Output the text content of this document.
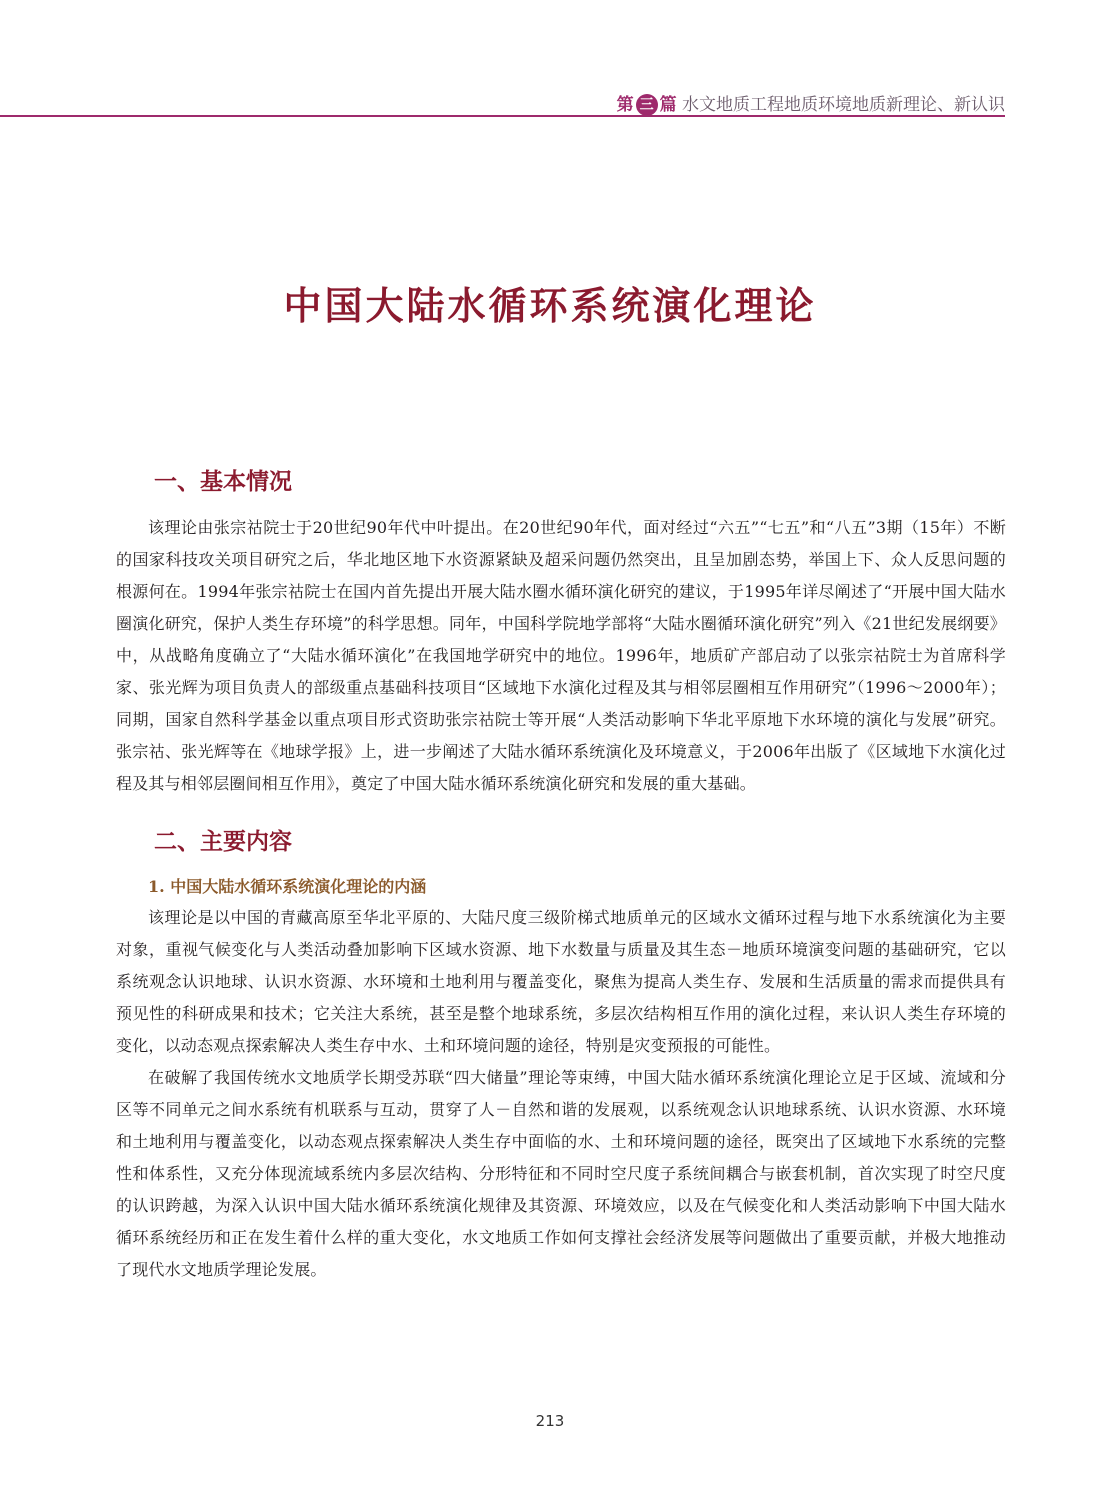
第 三 篇 水文地质工程地质环境地质新理论、新认识
中国大陆水循环系统演化理论
一、基本情况

该理论由张宗祜院士于20世纪90年代中叶提出。在20世纪90年代，面对经过“六五”“七五”和“八五”3期（15年）不断的国家科技攻关项目研究之后，华北地区地下水资源紧缺及超采问题仍然突出，且呈加剧态势，举国上下、众人反思问题的根源何在。1994年张宗祜院士在国内首先提出开展大陆水圈水循环演化研究的建议，于1995年详尽阐述了“开展中国大陆水圈演化研究，保护人类生存环境”的科学思想。同年，中国科学院地学部将“大陆水圈循环演化研究”列入《21世纪发展纲要》中，从战略角度确立了“大陆水循环演化”在我国地学研究中的地位。1996年，地质矿产部启动了以张宗祜院士为首席科学家、张光辉为项目负责人的部级重点基础科技项目“区域地下水演化过程及其与相邻层圈相互作用研究”（1996～2000年）；同期，国家自然科学基金以重点项目形式资助张宗祜院士等开展“人类活动影响下华北平原地下水环境的演化与发展”研究。张宗祜、张光辉等在《地球学报》上，进一步阐述了大陆水循环系统演化及环境意义，于2006年出版了《区域地下水演化过程及其与相邻层圈间相互作用》，奠定了中国大陆水循环系统演化研究和发展的重大基础。

二、主要内容
1. 中国大陆水循环系统演化理论的内涵

该理论是以中国的青藏高原至华北平原的、大陆尺度三级阶梯式地质单元的区域水文循环过程与地下水系统演化为主要对象，重视气候变化与人类活动叠加影响下区域水资源、地下水数量与质量及其生态－地质环境演变问题的基础研究，它以系统观念认识地球、认识水资源、水环境和土地利用与覆盖变化，聚焦为提高人类生存、发展和生活质量的需求而提供具有预见性的科研成果和技术；它关注大系统，甚至是整个地球系统，多层次结构相互作用的演化过程，来认识人类生存环境的变化，以动态观点探索解决人类生存中水、土和环境问题的途径，特别是灾变预报的可能性。

在破解了我国传统水文地质学长期受苏联“四大储量”理论等束缚，中国大陆水循环系统演化理论立足于区域、流域和分区等不同单元之间水系统有机联系与互动，贯穿了人－自然和谐的发展观，以系统观念认识地球系统、认识水资源、水环境和土地利用与覆盖变化，以动态观点探索解决人类生存中面临的水、土和环境问题的途径，既突出了区域地下水系统的完整性和体系性，又充分体现流域系统内多层次结构、分形特征和不同时空尺度子系统间耦合与嵌套机制，首次实现了时空尺度的认识跨越，为深入认识中国大陆水循环系统演化规律及其资源、环境效应，以及在气候变化和人类活动影响下中国大陆水循环系统经历和正在发生着什么样的重大变化，水文地质工作如何支撑社会经济发展等问题做出了重要贡献，并极大地推动了现代水文地质学理论发展。

213
